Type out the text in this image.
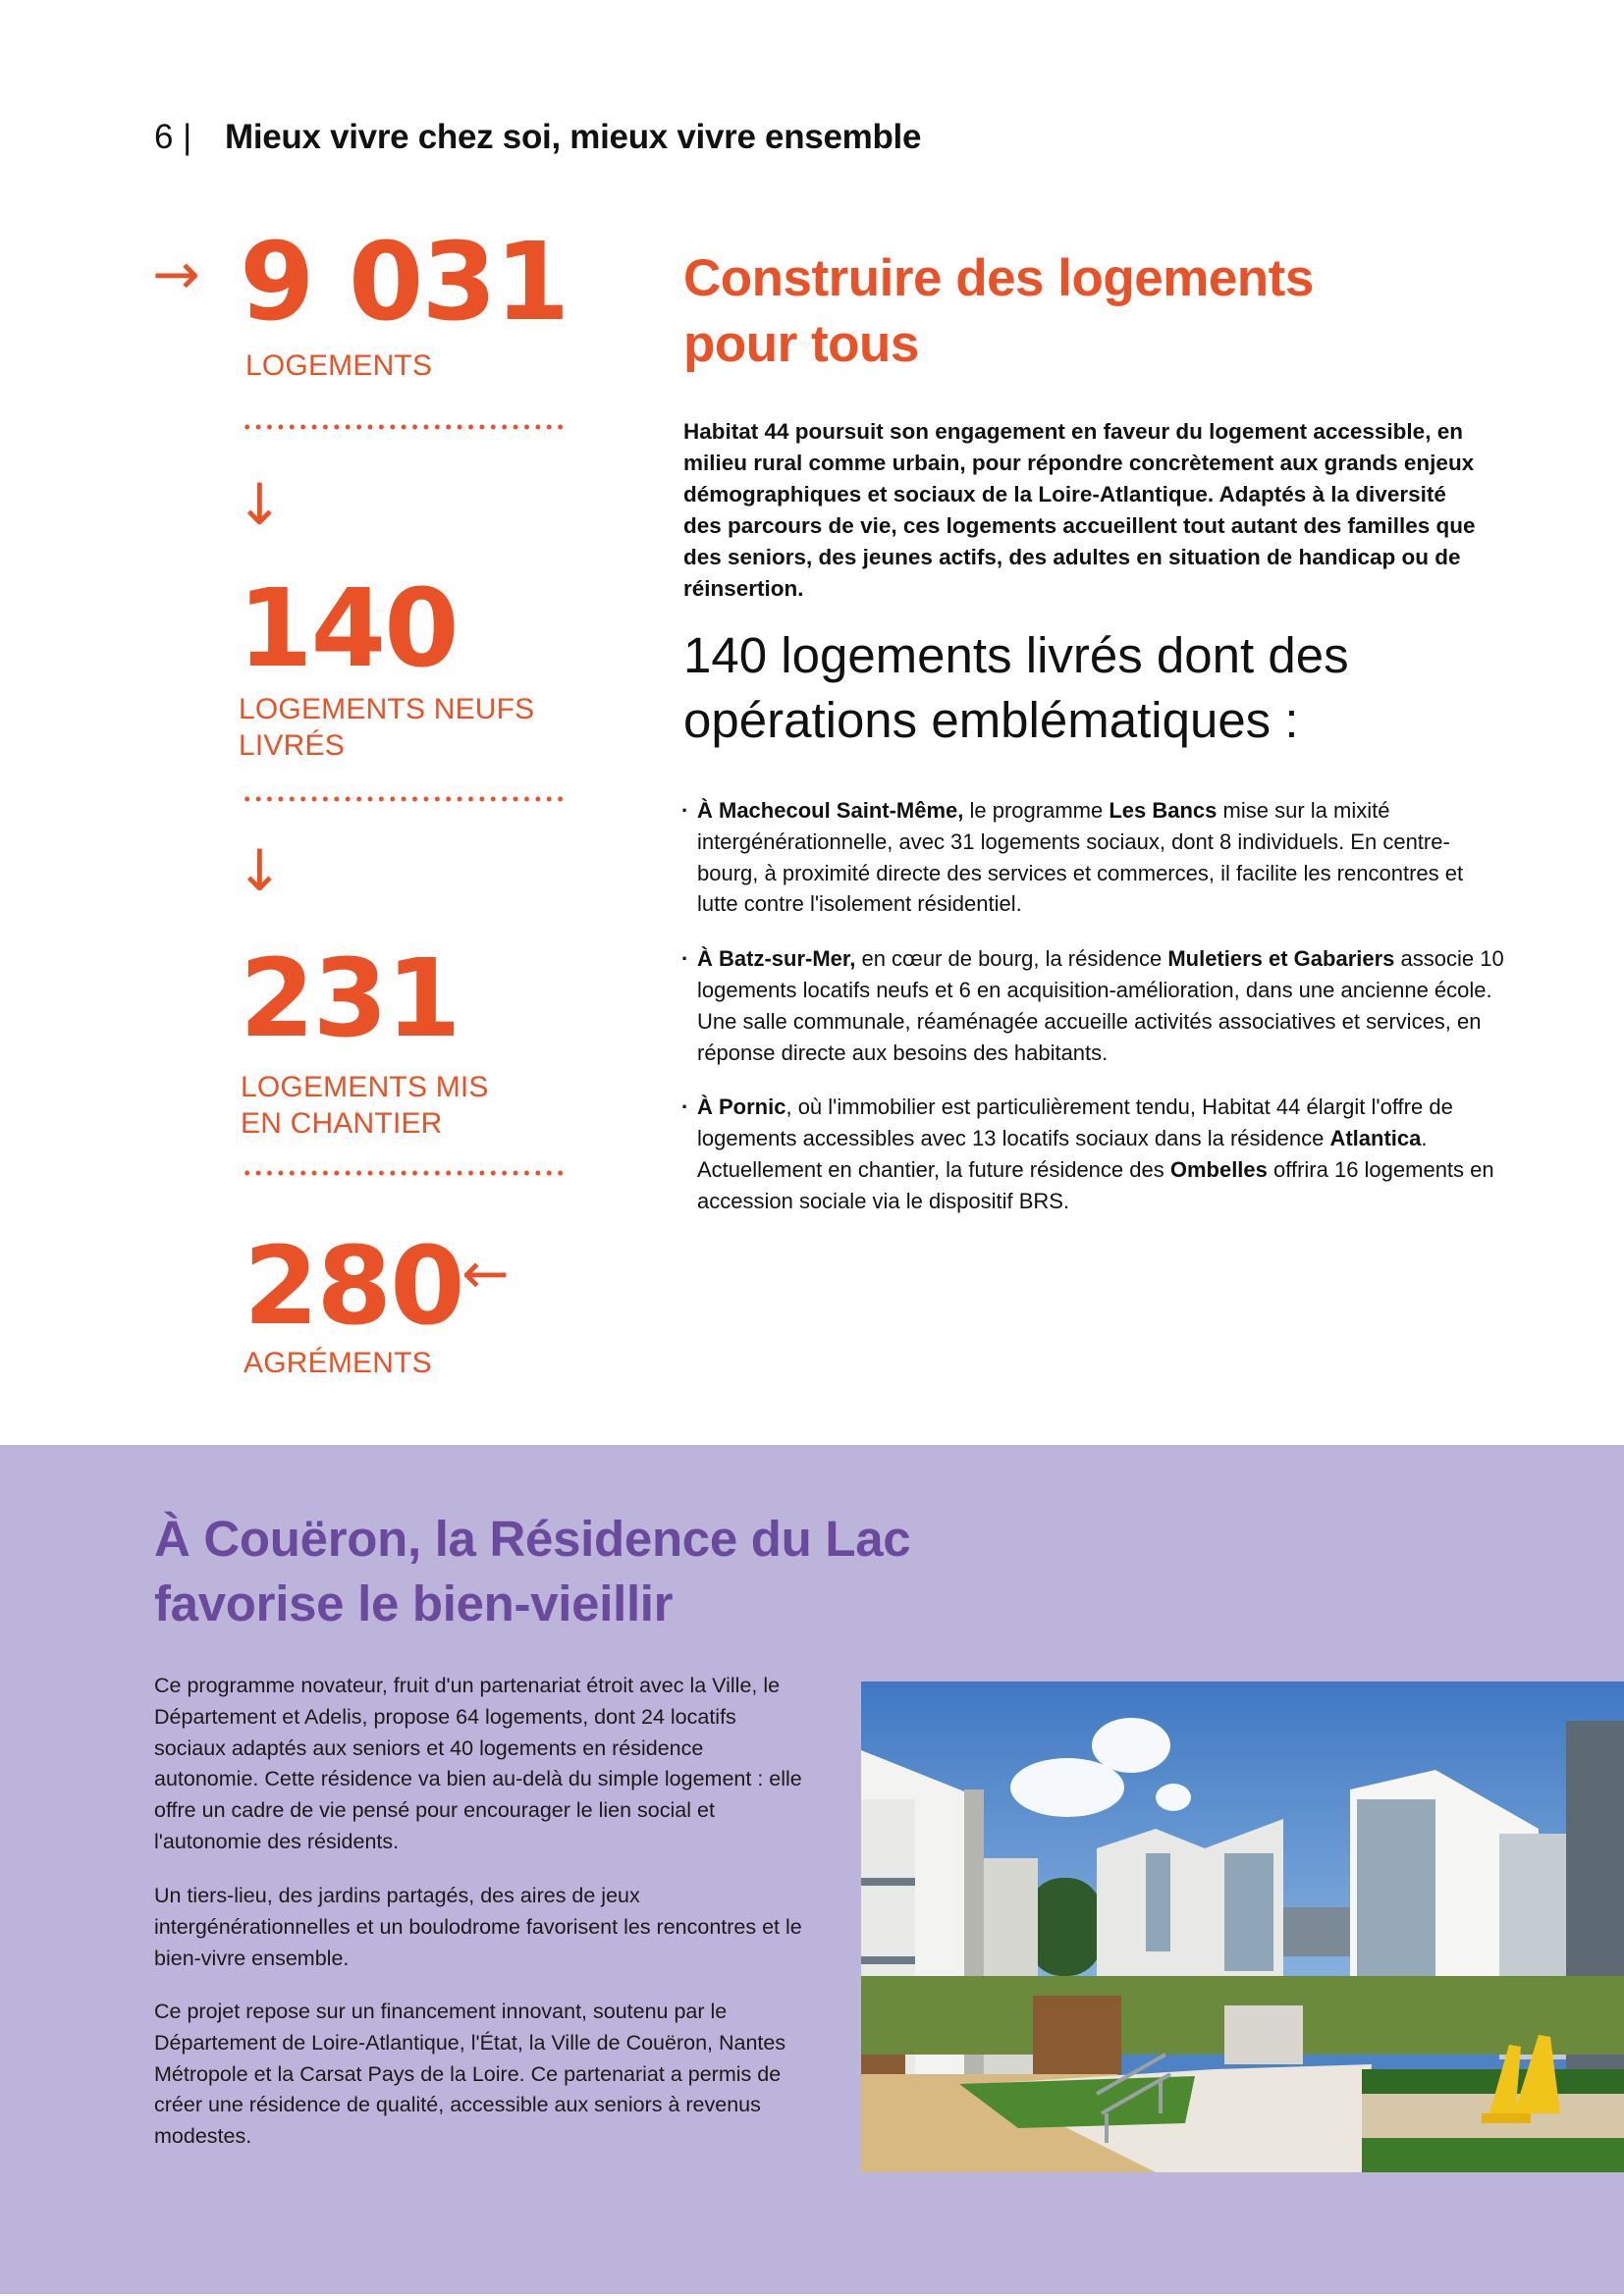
6 | Mieux vivre chez soi, mieux vivre ensemble
→ 9 031
LOGEMENTS
↓
140
LOGEMENTS NEUFS
LIVRÉS
↓
231
LOGEMENTS MIS
EN CHANTIER
280
←
AGRÉMENTS
Construire des logements
pour tous

Habitat 44 poursuit son engagement en faveur du logement accessible, en milieu rural comme urbain, pour répondre concrètement aux grands enjeux démographiques et sociaux de la Loire-Atlantique. Adaptés à la diversité des parcours de vie, ces logements accueillent tout autant des familles que des seniors, des jeunes actifs, des adultes en situation de handicap ou de réinsertion.

140 logements livrés dont des
opérations emblématiques :
· À Machecoul Saint-Même, le programme Les Bancs mise sur la mixité intergénérationnelle, avec 31 logements sociaux, dont 8 individuels. En centre-bourg, à proximité directe des services et commerces, il facilite les rencontres et lutte contre l'isolement résidentiel.
· À Batz-sur-Mer, en cœur de bourg, la résidence Muletiers et Gabariers associe 10 logements locatifs neufs et 6 en acquisition-amélioration, dans une ancienne école. Une salle communale, réaménagée accueille activités associatives et services, en réponse directe aux besoins des habitants.
· À Pornic, où l'immobilier est particulièrement tendu, Habitat 44 élargit l'offre de logements accessibles avec 13 locatifs sociaux dans la résidence Atlantica. Actuellement en chantier, la future résidence des Ombelles offrira 16 logements en accession sociale via le dispositif BRS.
À Couëron, la Résidence du Lac
favorise le bien-vieillir

Ce programme novateur, fruit d'un partenariat étroit avec la Ville, le Département et Adelis, propose 64 logements, dont 24 locatifs sociaux adaptés aux seniors et 40 logements en résidence autonomie. Cette résidence va bien au-delà du simple logement : elle offre un cadre de vie pensé pour encourager le lien social et l'autonomie des résidents.

Un tiers-lieu, des jardins partagés, des aires de jeux intergénérationnelles et un boulodrome favorisent les rencontres et le bien-vivre ensemble.

Ce projet repose sur un financement innovant, soutenu par le Département de Loire-Atlantique, l'État, la Ville de Couëron, Nantes Métropole et la Carsat Pays de la Loire. Ce partenariat a permis de créer une résidence de qualité, accessible aux seniors à revenus modestes.
